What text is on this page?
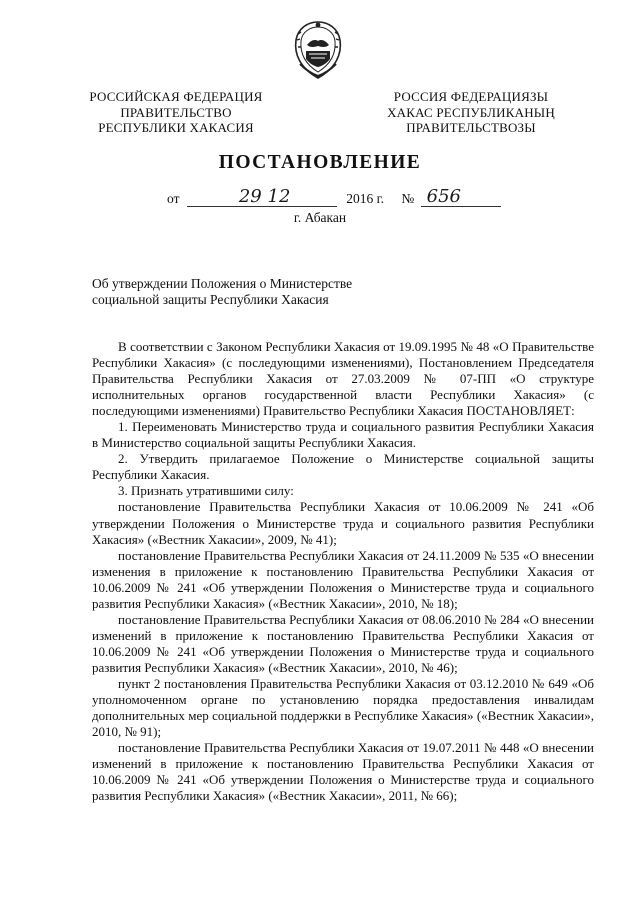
РОССИЙСКАЯ ФЕДЕРАЦИЯ
ПРАВИТЕЛЬСТВО
РЕСПУБЛИКИ ХАКАСИЯ
РОССИЯ ФЕДЕРАЦИЯЗЫ
ХАКАС РЕСПУБЛИКАНЫҢ
ПРАВИТЕЛЬСТВОЗЫ
ПОСТАНОВЛЕНИЕ
от	29 12	2016 г. № 656
г. Абакан
Об утверждении Положения о Министерстве
социальной защиты Республики Хакасия

В соответствии с Законом Республики Хакасия от 19.09.1995 № 48 «О Правительстве Республики Хакасия» (с последующими изменениями), Постановлением Председателя Правительства Республики Хакасия от 27.03.2009 № 07-ПП «О структуре исполнительных органов государственной власти Республики Хакасия» (с последующими изменениями) Правительство Республики Хакасия ПОСТАНОВЛЯЕТ:

1. Переименовать Министерство труда и социального развития Республики Хакасия в Министерство социальной защиты Республики Хакасия.

2. Утвердить прилагаемое Положение о Министерстве социальной защиты Республики Хакасия.

3. Признать утратившими силу:

постановление Правительства Республики Хакасия от 10.06.2009 № 241 «Об утверждении Положения о Министерстве труда и социального развития Республики Хакасия» («Вестник Хакасии», 2009, № 41);

постановление Правительства Республики Хакасия от 24.11.2009 № 535 «О внесении изменения в приложение к постановлению Правительства Республики Хакасия от 10.06.2009 № 241 «Об утверждении Положения о Министерстве труда и социального развития Республики Хакасия» («Вестник Хакасии», 2010, № 18);

постановление Правительства Республики Хакасия от 08.06.2010 № 284 «О внесении изменений в приложение к постановлению Правительства Республики Хакасия от 10.06.2009 № 241 «Об утверждении Положения о Министерстве труда и социального развития Республики Хакасия» («Вестник Хакасии», 2010, № 46);

пункт 2 постановления Правительства Республики Хакасия от 03.12.2010 № 649 «Об уполномоченном органе по установлению порядка предоставления инвалидам дополнительных мер социальной поддержки в Республике Хакасия» («Вестник Хакасии», 2010, № 91);

постановление Правительства Республики Хакасия от 19.07.2011 № 448 «О внесении изменений в приложение к постановлению Правительства Республики Хакасия от 10.06.2009 № 241 «Об утверждении Положения о Министерстве труда и социального развития Республики Хакасия» («Вестник Хакасии», 2011, № 66);
